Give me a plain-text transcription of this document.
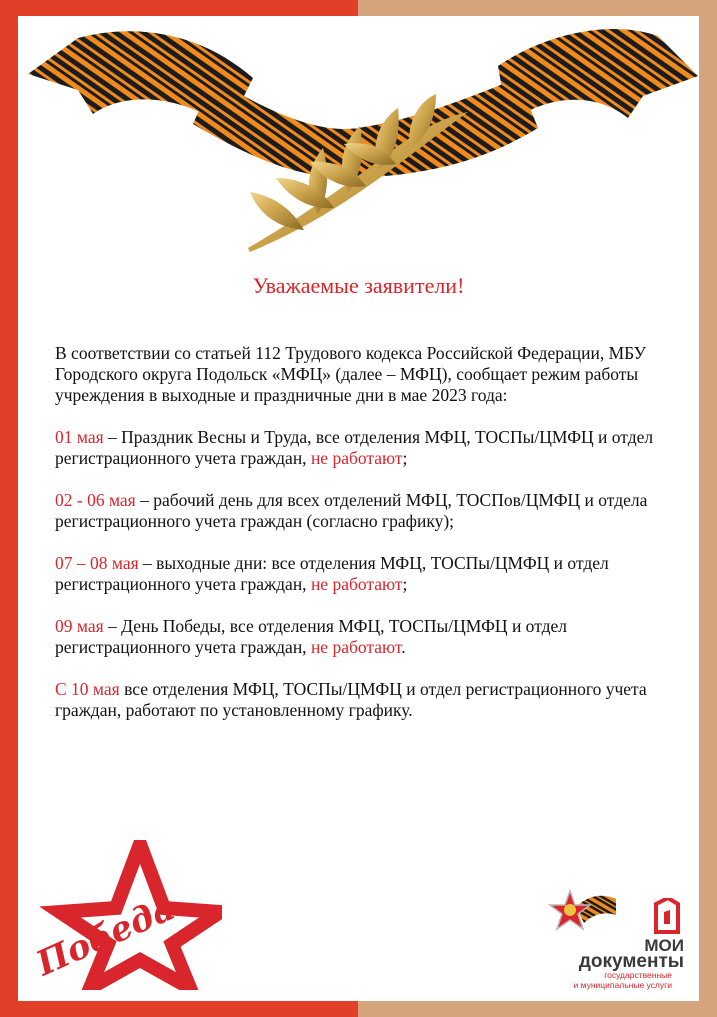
Уважаемые заявители!

В соответствии со статьей 112 Трудового кодекса Российской Федерации, МБУ Городского округа Подольск «МФЦ» (далее – МФЦ), сообщает режим работы учреждения в выходные и праздничные дни в мае 2023 года:

01 мая – Праздник Весны и Труда, все отделения МФЦ, ТОСПы/ЦМФЦ и отдел регистрационного учета граждан, не работают;

02 - 06 мая – рабочий день для всех отделений МФЦ, ТОСПов/ЦМФЦ и отдела регистрационного учета граждан (согласно графику);

07 – 08 мая – выходные дни: все отделения МФЦ, ТОСПы/ЦМФЦ и отдел регистрационного учета граждан, не работают;

09 мая – День Победы, все отделения МФЦ, ТОСПы/ЦМФЦ и отдел регистрационного учета граждан, не работают.

С 10 мая все отделения МФЦ, ТОСПы/ЦМФЦ и отдел регистрационного учета граждан, работают по установленному графику.

Победа	МОИ
документы
государственные
и муниципальные услуги
